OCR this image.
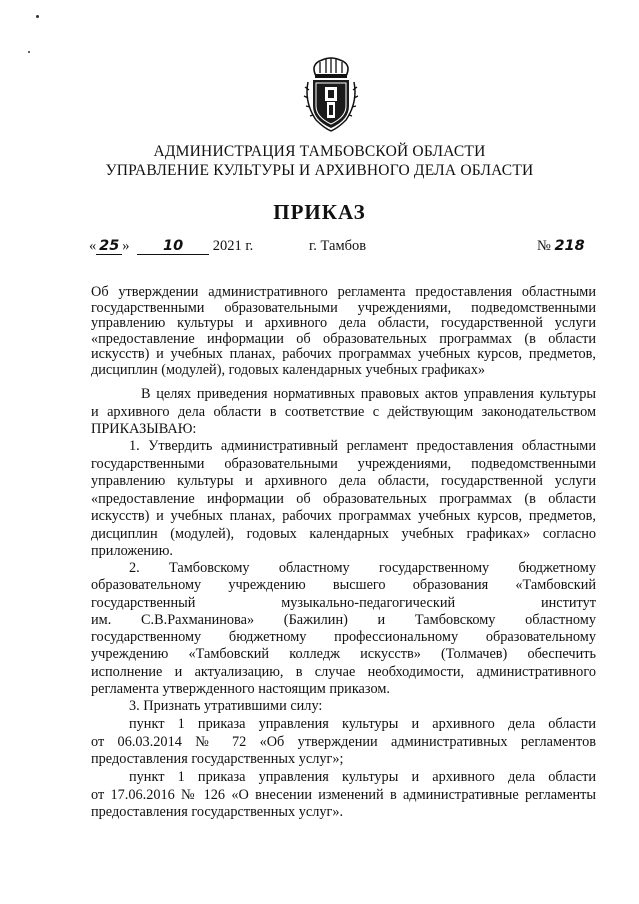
АДМИНИСТРАЦИЯ ТАМБОВСКОЙ ОБЛАСТИ
УПРАВЛЕНИЕ КУЛЬТУРЫ И АРХИВНОГО ДЕЛА ОБЛАСТИ
ПРИКАЗ
« 25 » 10 2021 г.	г. Тамбов	№ 218

Об утверждении административного регламента предоставления областными

государственными образовательными учреждениями, подведомственными

управлению культуры и архивного дела области, государственной услуги

«предоставление информации об образовательных программах (в области

искусств) и учебных планах, рабочих программах учебных курсов, предметов,

дисциплин (модулей), годовых календарных учебных графиках»

В целях приведения нормативных правовых актов управления культуры

и архивного дела области в соответствие с действующим законодательством

ПРИКАЗЫВАЮ:

1. Утвердить административный регламент предоставления областными

государственными образовательными учреждениями, подведомственными

управлению культуры и архивного дела области, государственной услуги

«предоставление информации об образовательных программах (в области

искусств) и учебных планах, рабочих программах учебных курсов, предметов,

дисциплин (модулей), годовых календарных учебных графиках» согласно

приложению.

2. Тамбовскому областному государственному бюджетному

образовательному учреждению высшего образования «Тамбовский

государственный музыкально-педагогический институт

им. С.В.Рахманинова» (Бажилин) и Тамбовскому областному

государственному бюджетному профессиональному образовательному

учреждению «Тамбовский колледж искусств» (Толмачев) обеспечить

исполнение и актуализацию, в случае необходимости, административного

регламента утвержденного настоящим приказом.

3. Признать утратившими силу:

пункт 1 приказа управления культуры и архивного дела области

от 06.03.2014 № 72 «Об утверждении административных регламентов

предоставления государственных услуг»;

пункт 1 приказа управления культуры и архивного дела области

от 17.06.2016 № 126 «О внесении изменений в административные регламенты

предоставления государственных услуг».
